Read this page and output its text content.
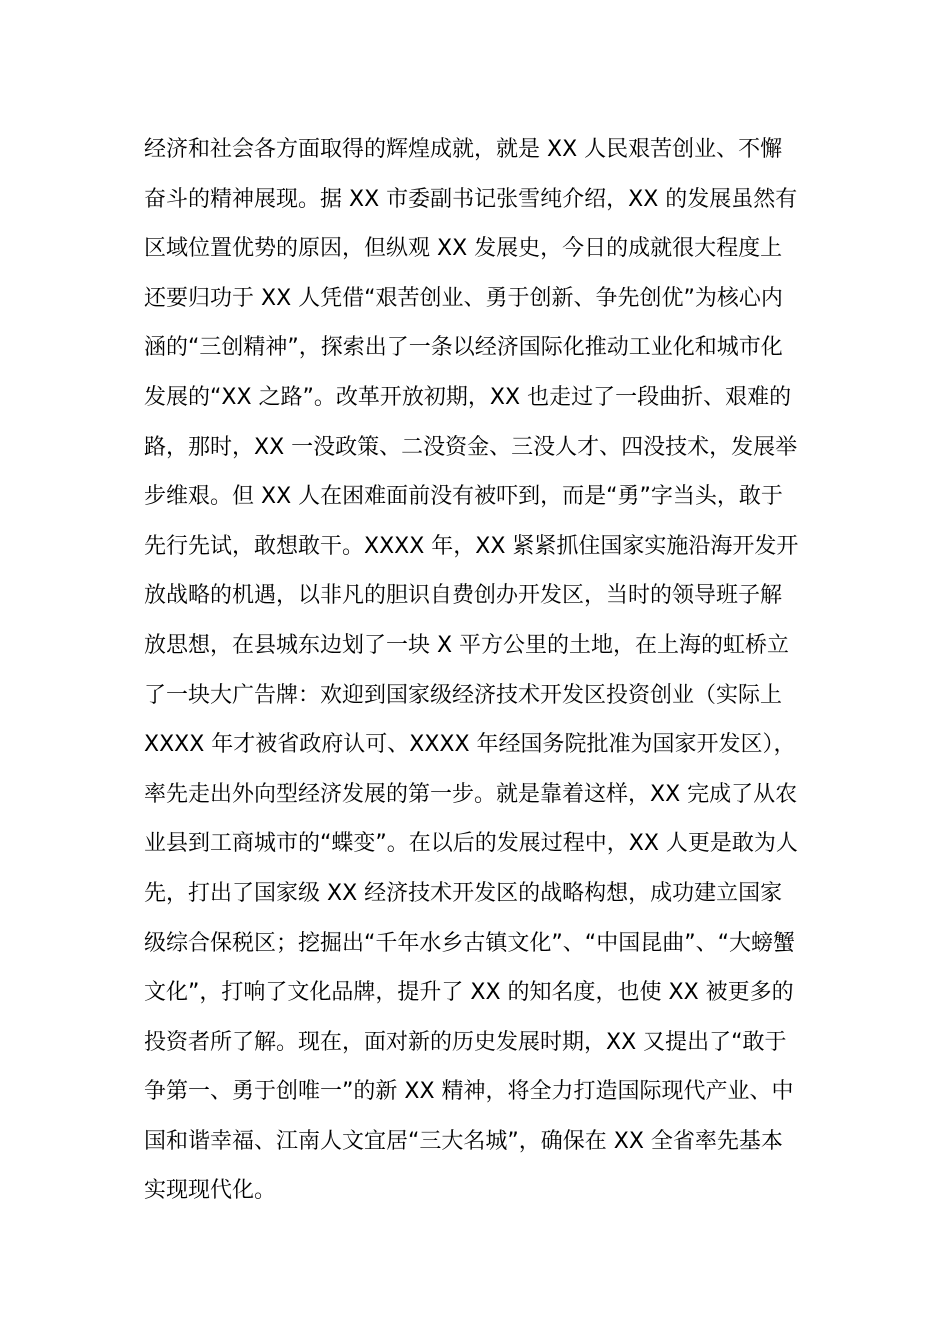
经济和社会各方面取得的辉煌成就，就是 XX 人民艰苦创业、不懈
奋斗的精神展现。据 XX 市委副书记张雪纯介绍，XX 的发展虽然有
区域位置优势的原因，但纵观 XX 发展史，今日的成就很大程度上
还要归功于 XX 人凭借“艰苦创业、勇于创新、争先创优”为核心内
涵的“三创精神”，探索出了一条以经济国际化推动工业化和城市化
发展的“XX 之路”。改革开放初期，XX 也走过了一段曲折、艰难的
路，那时，XX 一没政策、二没资金、三没人才、四没技术，发展举
步维艰。但 XX 人在困难面前没有被吓到，而是“勇”字当头，敢于
先行先试，敢想敢干。XXXX 年，XX 紧紧抓住国家实施沿海开发开
放战略的机遇，以非凡的胆识自费创办开发区，当时的领导班子解
放思想，在县城东边划了一块 X 平方公里的土地，在上海的虹桥立
了一块大广告牌：欢迎到国家级经济技术开发区投资创业（实际上
XXXX 年才被省政府认可、XXXX 年经国务院批准为国家开发区），
率先走出外向型经济发展的第一步。就是靠着这样，XX 完成了从农
业县到工商城市的“蝶变”。在以后的发展过程中，XX 人更是敢为人
先，打出了国家级 XX 经济技术开发区的战略构想，成功建立国家
级综合保税区；挖掘出“千年水乡古镇文化”、“中国昆曲”、“大螃蟹
文化”，打响了文化品牌，提升了 XX 的知名度，也使 XX 被更多的
投资者所了解。现在，面对新的历史发展时期，XX 又提出了“敢于
争第一、勇于创唯一”的新 XX 精神，将全力打造国际现代产业、中
国和谐幸福、江南人文宜居“三大名城”，确保在 XX 全省率先基本
实现现代化。
